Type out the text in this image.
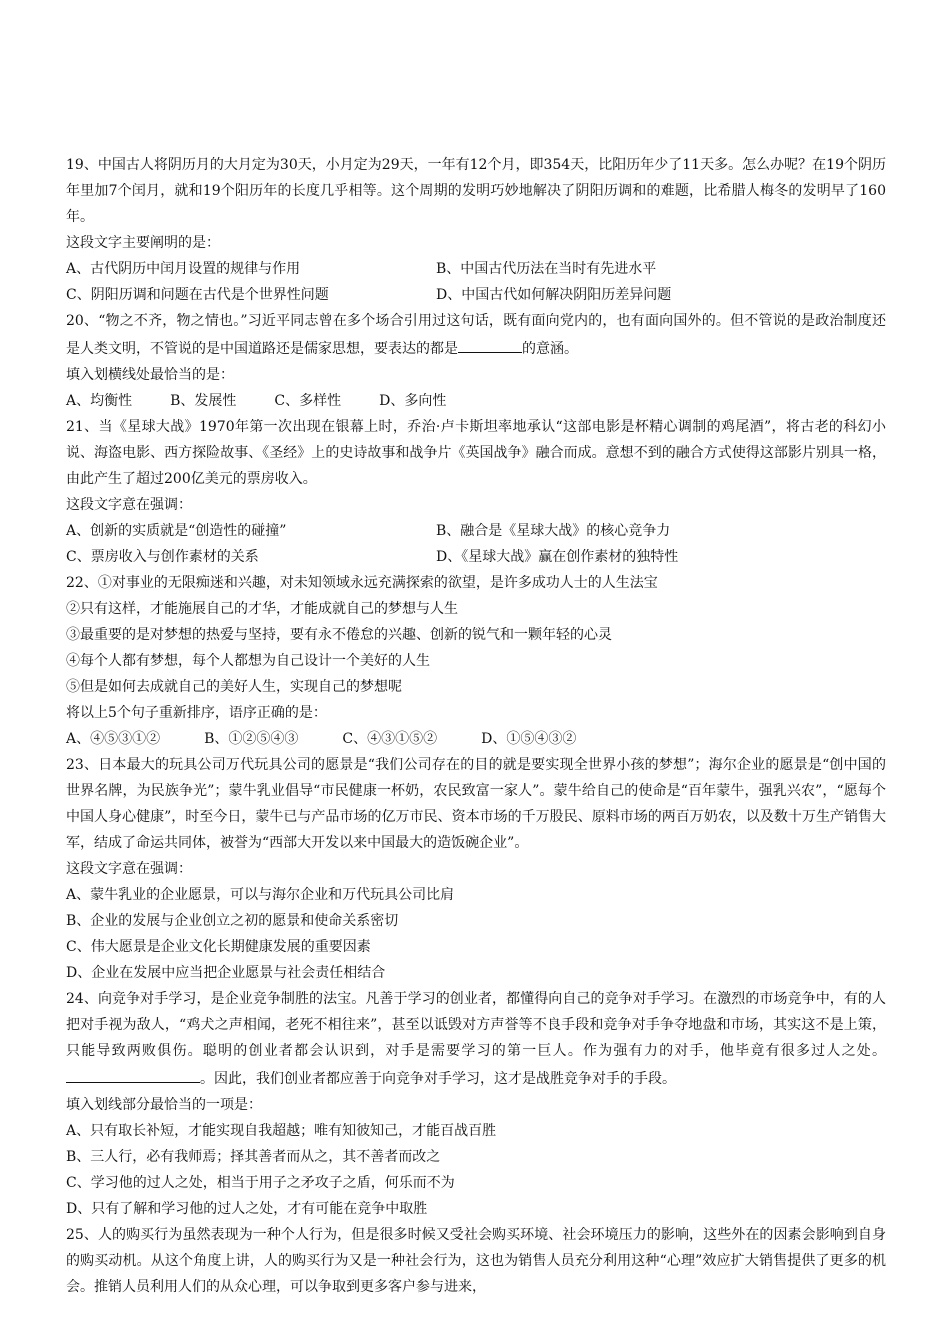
19、中国古人将阴历月的大月定为30天，小月定为29天，一年有12个月，即354天，比阳历年少了11天多。怎么办呢？在19个阴历年里加7个闰月，就和19个阳历年的长度几乎相等。这个周期的发明巧妙地解决了阴阳历调和的难题，比希腊人梅冬的发明早了160年。

这段文字主要阐明的是：

A、古代阴历中闰月设置的规律与作用	B、中国古代历法在当时有先进水平
C、阴阳历调和问题在古代是个世界性问题	D、中国古代如何解决阴阳历差异问题

20、“物之不齐，物之情也。”习近平同志曾在多个场合引用过这句话，既有面向党内的，也有面向国外的。但不管说的是政治制度还是人类文明，不管说的是中国道路还是儒家思想，要表达的都是	的意涵。

填入划横线处最恰当的是：

A、均衡性	B、发展性	C、多样性	D、多向性

21、当《星球大战》1970年第一次出现在银幕上时，乔治·卢卡斯坦率地承认“这部电影是杯精心调制的鸡尾酒”，将古老的科幻小说、海盗电影、西方探险故事、《圣经》上的史诗故事和战争片《英国战争》融合而成。意想不到的融合方式使得这部影片别具一格，由此产生了超过200亿美元的票房收入。

这段文字意在强调：

A、创新的实质就是“创造性的碰撞”	B、融合是《星球大战》的核心竞争力
C、票房收入与创作素材的关系	D、《星球大战》赢在创作素材的独特性

22、①对事业的无限痴迷和兴趣，对未知领域永远充满探索的欲望，是许多成功人士的人生法宝

②只有这样，才能施展自己的才华，才能成就自己的梦想与人生

③最重要的是对梦想的热爱与坚持，要有永不倦怠的兴趣、创新的锐气和一颗年轻的心灵

④每个人都有梦想，每个人都想为自己设计一个美好的人生

⑤但是如何去成就自己的美好人生，实现自己的梦想呢

将以上5个句子重新排序，语序正确的是：

A、④⑤③①②	B、①②⑤④③	C、④③①⑤②	D、①⑤④③②

23、日本最大的玩具公司万代玩具公司的愿景是“我们公司存在的目的就是要实现全世界小孩的梦想”；海尔企业的愿景是“创中国的世界名牌，为民族争光”；蒙牛乳业倡导“市民健康一杯奶，农民致富一家人”。蒙牛给自己的使命是“百年蒙牛，强乳兴农”，“愿每个中国人身心健康”，时至今日，蒙牛已与产品市场的亿万市民、资本市场的千万股民、原料市场的两百万奶农，以及数十万生产销售大军，结成了命运共同体，被誉为“西部大开发以来中国最大的造饭碗企业”。

这段文字意在强调：

A、蒙牛乳业的企业愿景，可以与海尔企业和万代玩具公司比肩

B、企业的发展与企业创立之初的愿景和使命关系密切

C、伟大愿景是企业文化长期健康发展的重要因素

D、企业在发展中应当把企业愿景与社会责任相结合

24、向竞争对手学习，是企业竞争制胜的法宝。凡善于学习的创业者，都懂得向自己的竞争对手学习。在激烈的市场竞争中，有的人把对手视为敌人，“鸡犬之声相闻，老死不相往来”，甚至以诋毁对方声誉等不良手段和竞争对手争夺地盘和市场，其实这不是上策，只能导致两败俱伤。聪明的创业者都会认识到，对手是需要学习的第一巨人。作为强有力的对手，他毕竟有很多过人之处。。因此，我们创业者都应善于向竞争对手学习，这才是战胜竞争对手的手段。

填入划线部分最恰当的一项是：

A、只有取长补短，才能实现自我超越；唯有知彼知己，才能百战百胜

B、三人行，必有我师焉；择其善者而从之，其不善者而改之

C、学习他的过人之处，相当于用子之矛攻子之盾，何乐而不为

D、只有了解和学习他的过人之处，才有可能在竞争中取胜

25、人的购买行为虽然表现为一种个人行为，但是很多时候又受社会购买环境、社会环境压力的影响，这些外在的因素会影响到自身的购买动机。从这个角度上讲，人的购买行为又是一种社会行为，这也为销售人员充分利用这种“心理”效应扩大销售提供了更多的机会。推销人员利用人们的从众心理，可以争取到更多客户参与进来，
